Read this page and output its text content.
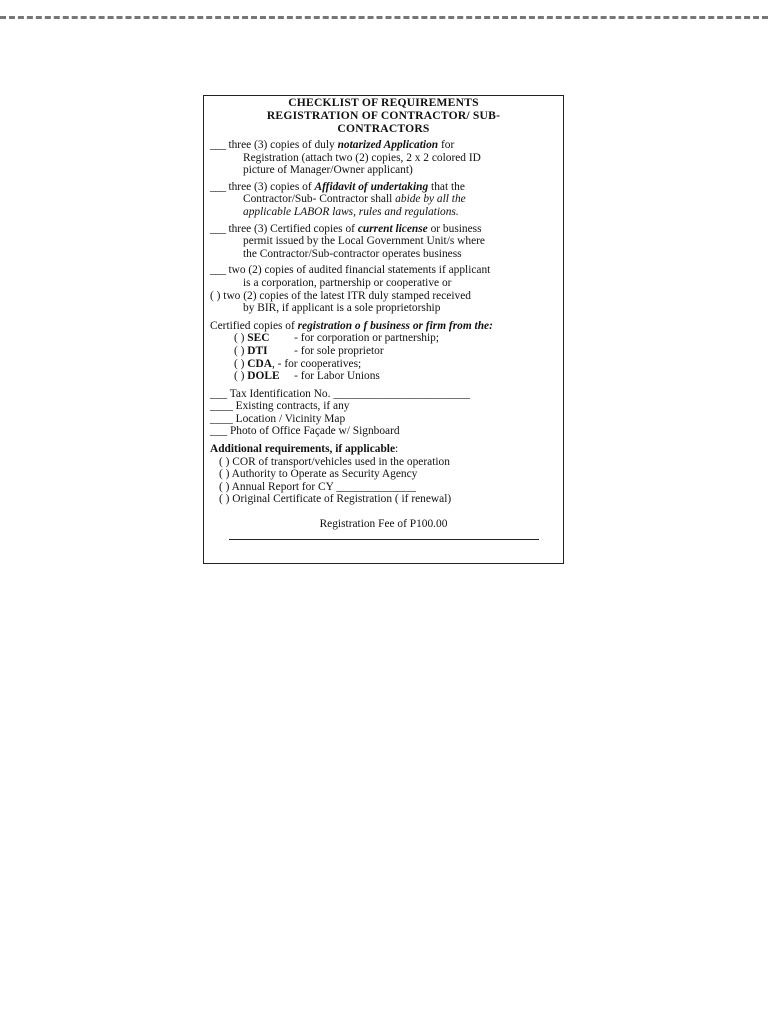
CHECKLIST OF REQUIREMENTS
REGISTRATION OF CONTRACTOR/ SUB-
CONTRACTORS
___ three (3) copies of duly notarized Application for
Registration (attach two (2) copies, 2 x 2 colored ID
picture of Manager/Owner applicant)
___ three (3) copies of Affidavit of undertaking that the
Contractor/Sub- Contractor shall abide by all the
applicable LABOR laws, rules and regulations.
___ three (3) Certified copies of current license or business
permit issued by the Local Government Unit/s where
the Contractor/Sub-contractor operates business
___ two (2) copies of audited financial statements if applicant
is a corporation, partnership or cooperative or
( ) two (2) copies of the latest ITR duly stamped received
by BIR, if applicant is a sole proprietorship
Certified copies of registration o f business or firm from the:
( ) SEC - for corporation or partnership;
( ) DTI - for sole proprietor
( ) CDA, - for cooperatives;
( ) DOLE - for Labor Unions
___ Tax Identification No. ________________________
____ Existing contracts, if any
____ Location / Vicinity Map
___ Photo of Office Façade w/ Signboard
Additional requirements, if applicable:
( ) COR of transport/vehicles used in the operation
( ) Authority to Operate as Security Agency
( ) Annual Report for CY ______________
( ) Original Certificate of Registration ( if renewal)
Registration Fee of P100.00
